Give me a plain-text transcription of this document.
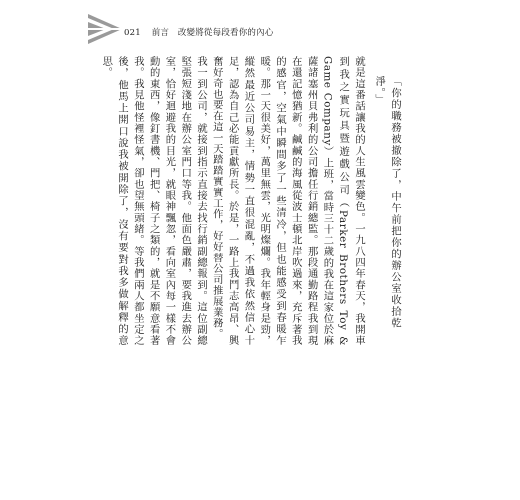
021 前言　改變將從每段看你的內心

「你的職務被撤除了，中午前把你的辦公室收拾乾淨。」

就是這番話讓我的人生風雲變色。一九八四年春天，我開車到我之實玩具暨遊戲公司（Parker Brothers Toy & Game Company）上班，當時三十二歲的我在這家位於麻薩諸塞州貝弗利的公司擔任行銷總監。那段通勤路程我到現在還記憶猶新。鹹鹹的海風從波士頓北岸吹過來，充斥著我的感官，空氣中瞬間多了一些清冷，但也能感受到春暖乍暖。那一天很美好，萬里無雲，光明燦爛。我年輕身是勁，縱然最近公司易主，情勢一直很混亂，不過我依然信心十足，認為自己必能貢獻所長。於是，一路上我鬥志高昂、興奮好奇也要在這一天踏踏實實工作，好好替公司推展業務。

我一到公司，就接到指示直接去找行銷副總報到。這位副總堅張短淺地在辦公室門口等我。他面色嚴肅，要我進去辦公室，恰好迴避我的目光，就眼神飄忽，看向室內每一樣不會動的東西，像釘書機、門把、椅子之類的，就是不願意看著我。我見他怪裡怪氣，卻也望無頭緒。等我們兩人都坐定之後，他馬上開口說我被開除了，沒有要對我多做解釋的意思。
